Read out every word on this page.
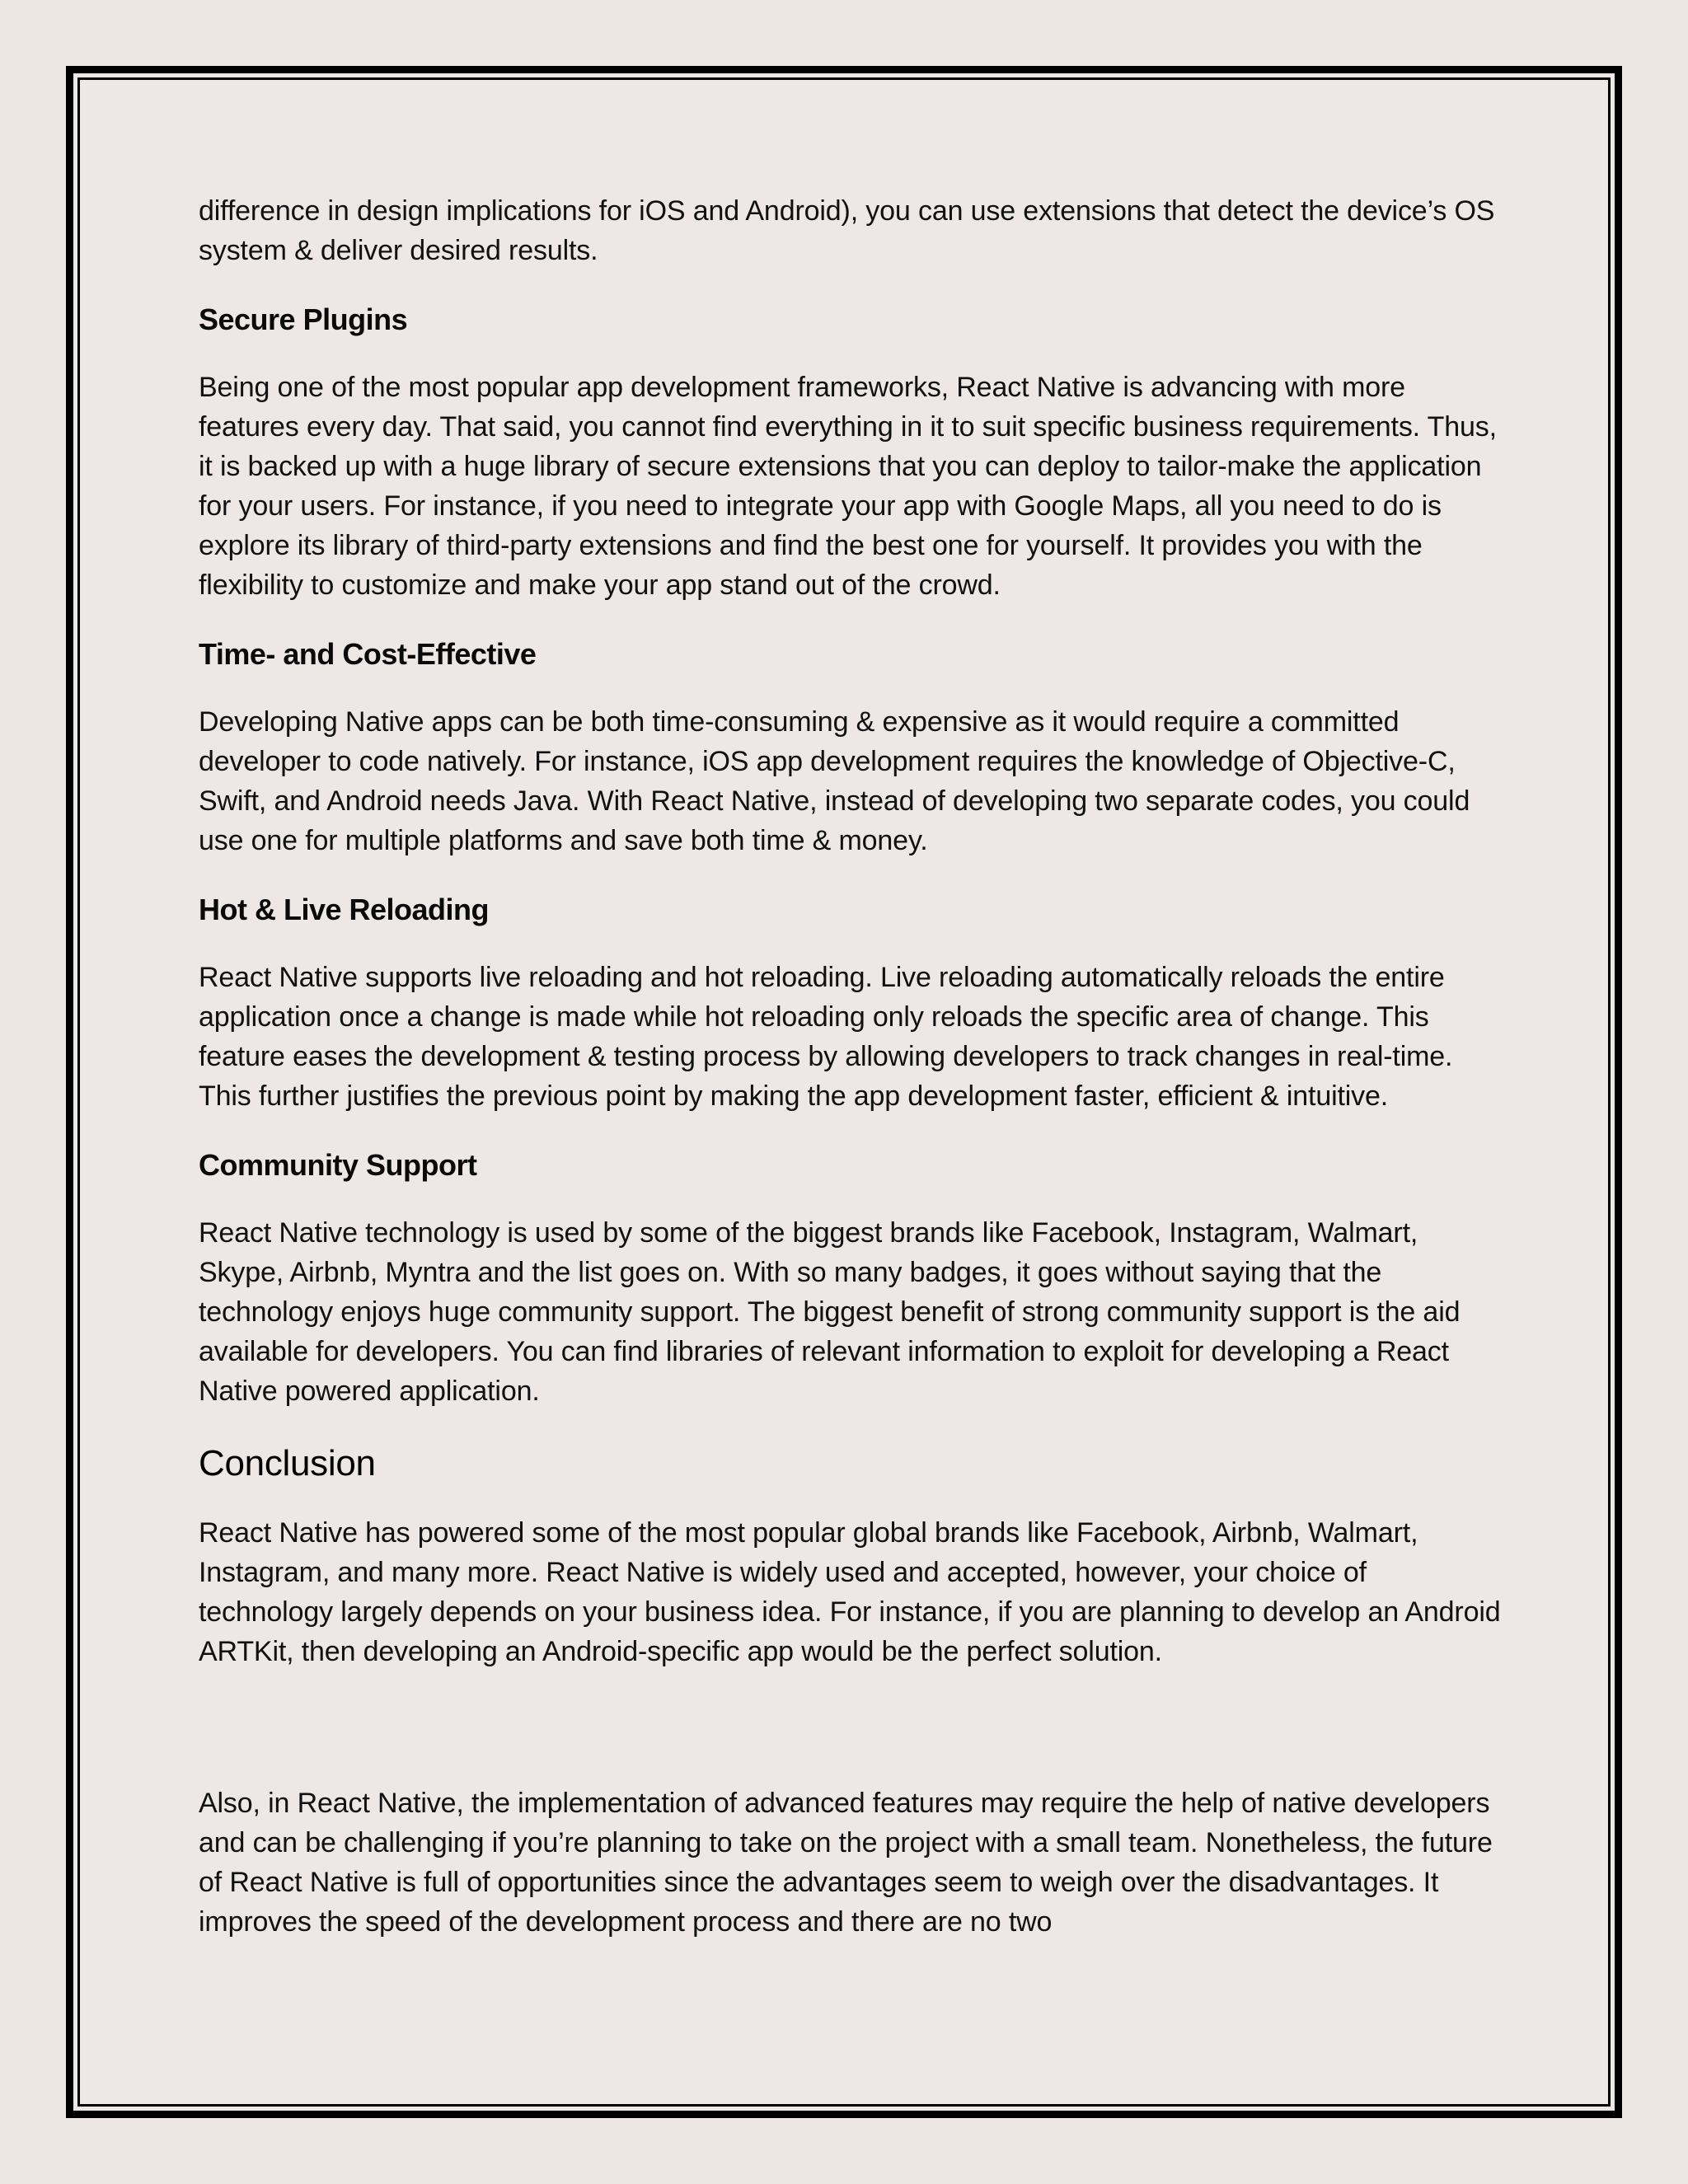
difference in design implications for iOS and Android), you can use extensions that detect the device’s OS system & deliver desired results.

Secure Plugins

Being one of the most popular app development frameworks, React Native is advancing with more features every day. That said, you cannot find everything in it to suit specific business requirements. Thus, it is backed up with a huge library of secure extensions that you can deploy to tailor-make the application for your users. For instance, if you need to integrate your app with Google Maps, all you need to do is explore its library of third-party extensions and find the best one for yourself. It provides you with the flexibility to customize and make your app stand out of the crowd.

Time- and Cost-Effective

Developing Native apps can be both time-consuming & expensive as it would require a committed developer to code natively. For instance, iOS app development requires the knowledge of Objective-C, Swift, and Android needs Java. With React Native, instead of developing two separate codes, you could use one for multiple platforms and save both time & money.

Hot & Live Reloading

React Native supports live reloading and hot reloading. Live reloading automatically reloads the entire application once a change is made while hot reloading only reloads the specific area of change. This feature eases the development & testing process by allowing developers to track changes in real-time. This further justifies the previous point by making the app development faster, efficient & intuitive.

Community Support

React Native technology is used by some of the biggest brands like Facebook, Instagram, Walmart, Skype, Airbnb, Myntra and the list goes on. With so many badges, it goes without saying that the technology enjoys huge community support. The biggest benefit of strong community support is the aid available for developers. You can find libraries of relevant information to exploit for developing a React Native powered application.

Conclusion

React Native has powered some of the most popular global brands like Facebook, Airbnb, Walmart, Instagram, and many more. React Native is widely used and accepted, however, your choice of technology largely depends on your business idea. For instance, if you are planning to develop an Android ARTKit, then developing an Android-specific app would be the perfect solution.

Also, in React Native, the implementation of advanced features may require the help of native developers and can be challenging if you’re planning to take on the project with a small team. Nonetheless, the future of React Native is full of opportunities since the advantages seem to weigh over the disadvantages. It improves the speed of the development process and there are no two
